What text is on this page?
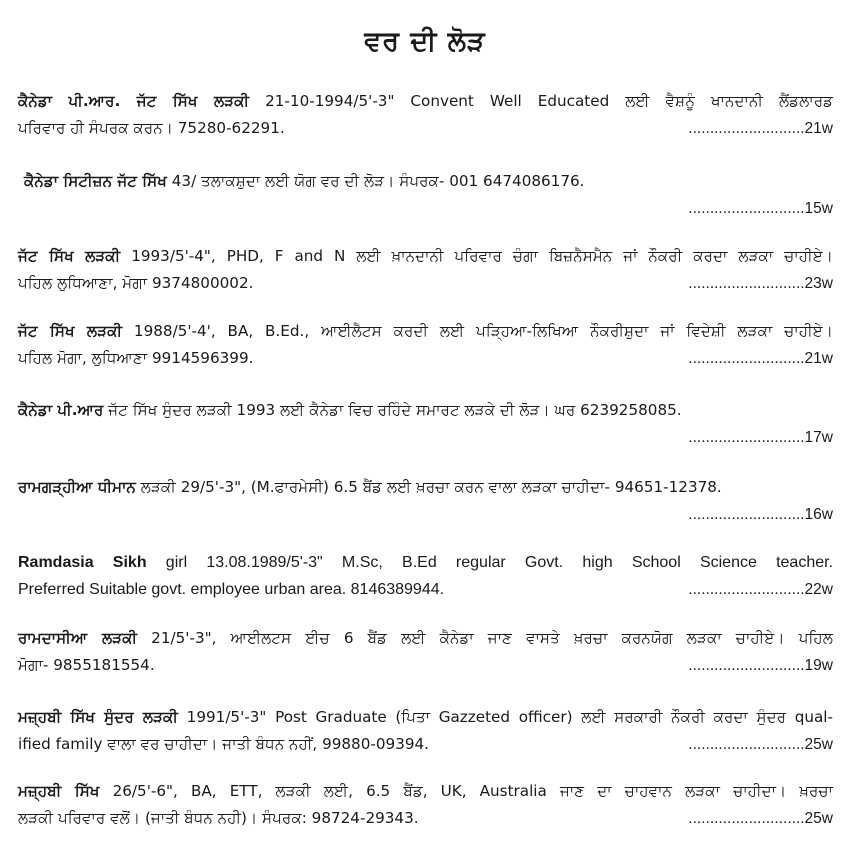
ਵਰ ਦੀ ਲੋੜ
ਕੈਨੇਡਾ ਪੀ.ਆਰ. ਜੱਟ ਸਿੱਖ ਲੜਕੀ 21-10-1994/5'-3" Convent Well Educated ਲਈ ਵੈਸ਼ਨੂੰ ਖਾਨਦਾਨੀ ਲੈਂਡਲਾਰਡ
ਪਰਿਵਾਰ ਹੀ ਸੰਪਰਕ ਕਰਨ। 75280-62291.	...........................21w
ਕੈਨੇਡਾ ਸਿਟੀਜ਼ਨ ਜੱਟ ਸਿੱਖ 43/ ਤਲਾਕਸ਼ੁਦਾ ਲਈ ਯੋਗ ਵਰ ਦੀ ਲੋੜ। ਸੰਪਰਕ- 001 6474086176.
...........................15w
ਜੱਟ ਸਿੱਖ ਲੜਕੀ 1993/5'-4", PHD, F and N ਲਈ ਖ਼ਾਨਦਾਨੀ ਪਰਿਵਾਰ ਚੰਗਾ ਬਿਜ਼ਨੈਸਮੈਨ ਜਾਂ ਨੌਕਰੀ ਕਰਦਾ ਲੜਕਾ ਚਾਹੀਏ।
ਪਹਿਲ ਲੁਧਿਆਣਾ, ਮੋਗਾ 9374800002.	...........................23w
ਜੱਟ ਸਿੱਖ ਲੜਕੀ 1988/5'-4', BA, B.Ed., ਆਈਲੈਟਸ ਕਰਦੀ ਲਈ ਪੜ੍ਹਿਆ-ਲਿਖਿਆ ਨੌਕਰੀਸ਼ੁਦਾ ਜਾਂ ਵਿਦੇਸ਼ੀ ਲੜਕਾ ਚਾਹੀਏ।
ਪਹਿਲ ਮੋਗਾ, ਲੁਧਿਆਣਾ 9914596399.	...........................21w
ਕੈਨੇਡਾ ਪੀ.ਆਰ ਜੱਟ ਸਿੱਖ ਸੁੰਦਰ ਲੜਕੀ 1993 ਲਈ ਕੈਨੇਡਾ ਵਿਚ ਰਹਿੰਦੇ ਸਮਾਰਟ ਲੜਕੇ ਦੀ ਲੋੜ। ਘਰ 6239258085.
...........................17w
ਰਾਮਗੜ੍ਹੀਆ ਧੀਮਾਨ ਲੜਕੀ 29/5'-3", (M.ਫਾਰਮੇਸੀ) 6.5 ਬੈਂਡ ਲਈ ਖ਼ਰਚਾ ਕਰਨ ਵਾਲਾ ਲੜਕਾ ਚਾਹੀਦਾ- 94651-12378.
...........................16w
Ramdasia Sikh girl 13.08.1989/5'-3" M.Sc, B.Ed regular Govt. high School Science teacher.
Preferred Suitable govt. employee urban area. 8146389944.	...........................22w
ਰਾਮਦਾਸੀਆ ਲੜਕੀ 21/5'-3", ਆਈਲਟਸ ਈਚ 6 ਬੈਂਡ ਲਈ ਕੈਨੇਡਾ ਜਾਣ ਵਾਸਤੇ ਖ਼ਰਚਾ ਕਰਨਯੋਗ ਲੜਕਾ ਚਾਹੀਏ। ਪਹਿਲ
ਮੋਗਾ- 9855181554.	...........................19w
ਮਜ਼੍ਹਬੀ ਸਿੱਖ ਸੁੰਦਰ ਲੜਕੀ 1991/5'-3" Post Graduate (ਪਿਤਾ Gazzeted officer) ਲਈ ਸਰਕਾਰੀ ਨੌਕਰੀ ਕਰਦਾ ਸੁੰਦਰ qual-
ified family ਵਾਲਾ ਵਰ ਚਾਹੀਦਾ। ਜਾਤੀ ਬੰਧਨ ਨਹੀਂ, 99880-09394.	...........................25w
ਮਜ਼੍ਹਬੀ ਸਿੱਖ 26/5'-6", BA, ETT, ਲੜਕੀ ਲਈ, 6.5 ਬੈਂਡ, UK, Australia ਜਾਣ ਦਾ ਚਾਹਵਾਨ ਲੜਕਾ ਚਾਹੀਦਾ। ਖ਼ਰਚਾ
ਲੜਕੀ ਪਰਿਵਾਰ ਵਲੋਂ। (ਜਾਤੀ ਬੰਧਨ ਨਹੀ)। ਸੰਪਰਕ: 98724-29343.	...........................25w
